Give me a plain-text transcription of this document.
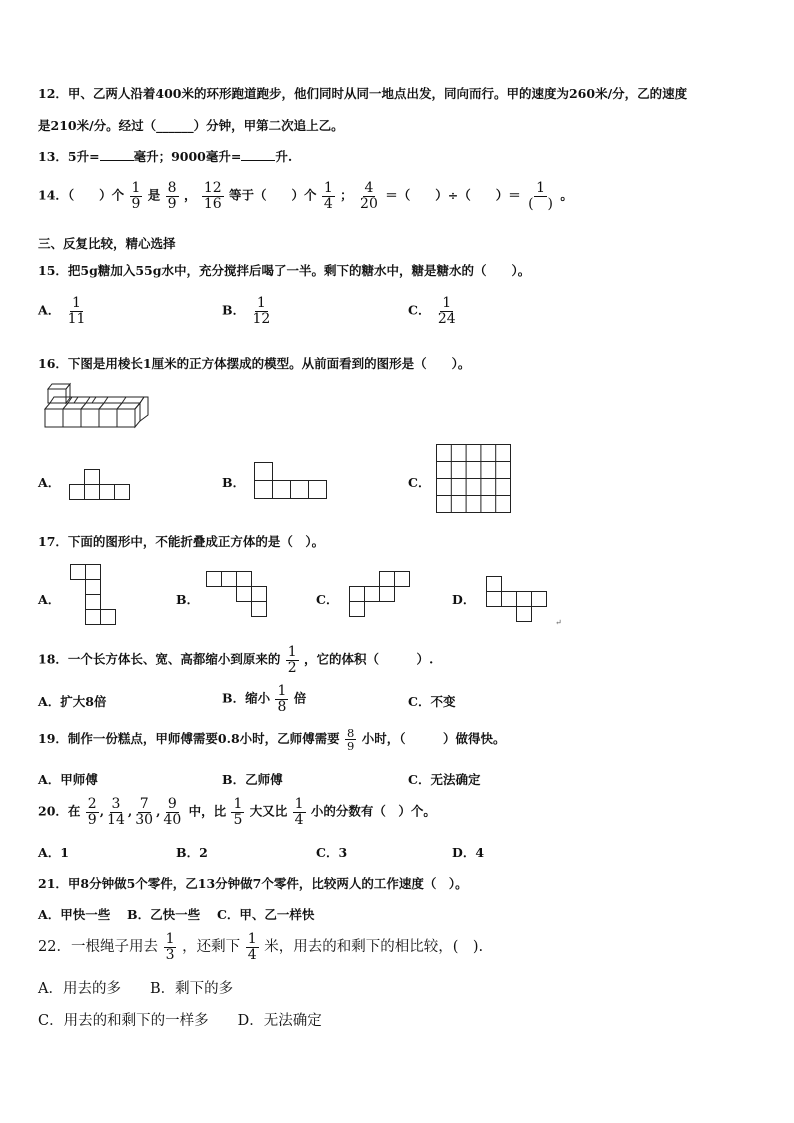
12．甲、乙两人沿着400米的环形跑道跑步，他们同时从同一地点出发，同向而行。甲的速度为260米/分，乙的速度
是210米/分。经过（______）分钟，甲第二次追上乙。
13．5升=	毫升；9000毫升=	升.
14．（　　）个 $\frac{1}{9}$ 是 $\frac{8}{9}$ ， $\frac{12}{16}$ 等于（　　）个 $\frac{1}{4}$ ； $\frac{4}{20}$ ＝（　　）÷（　　）＝ $\frac{1}{( )}$ 。
三、反复比较，精心选择
15．把5g糖加入55g水中，充分搅拌后喝了一半。剩下的糖水中，糖是糖水的（　　）。
A． $\frac{1}{11}$	B． $\frac{1}{12}$	C． $\frac{1}{24}$
16．下图是用棱长1厘米的正方体摆成的模型。从前面看到的图形是（　　）。
A．	B．	C．
17．下面的图形中，不能折叠成正方体的是（　）。
A．	B．	C．	D．
↵
18．一个长方体长、宽、高都缩小到原来的 $\frac{1}{2}$ ，它的体积（　　　）.
A．扩大8倍	B．缩小 $\frac{1}{8}$ 倍	C．不变
19．制作一份糕点，甲师傅需要0.8小时，乙师傅需要 $\frac{8}{9}$ 小时，（　　　）做得快。
A．甲师傅	B．乙师傅	C．无法确定
20．在 $\frac{2}{9}$ , $\frac{3}{14}$ , $\frac{7}{30}$ , $\frac{9}{40}$ 中，比 $\frac{1}{5}$ 大又比 $\frac{1}{4}$ 小的分数有（　）个。
A．1	B．2	C．3	D．4
21．甲8分钟做5个零件，乙13分钟做7个零件，比较两人的工作速度（　）。
A．甲快一些　 B．乙快一些　 C．甲、乙一样快
22．一根绳子用去 $\frac{1}{3}$ ，还剩下 $\frac{1}{4}$ 米，用去的和剩下的相比较，(　).
A．用去的多　　B．剩下的多
C．用去的和剩下的一样多　　D．无法确定
